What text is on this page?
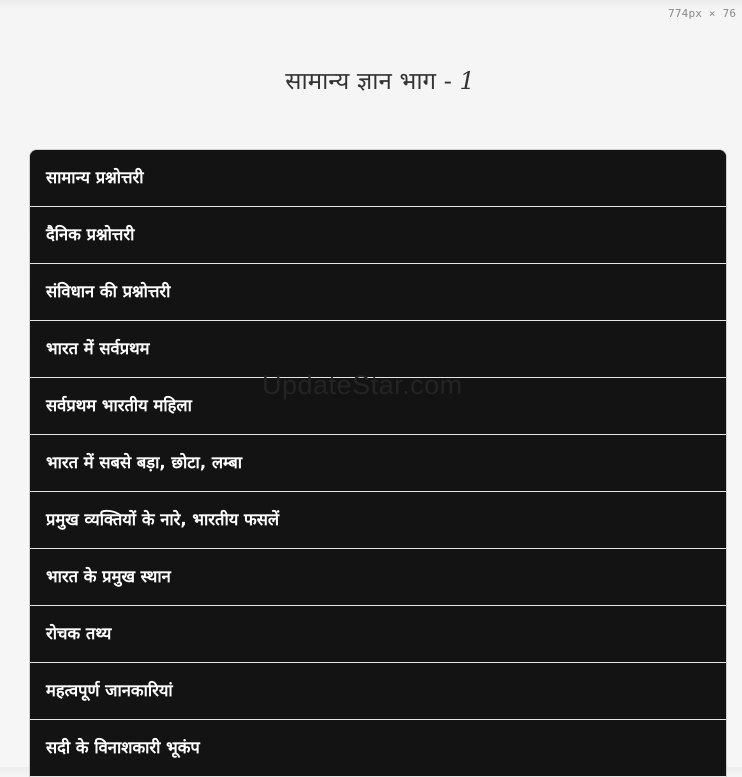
774px × 76
सामान्य ज्ञान भाग - 1
सामान्य प्रश्नोत्तरी
दैनिक प्रश्नोत्तरी
संविधान की प्रश्नोत्तरी
भारत में सर्वप्रथम
सर्वप्रथम भारतीय महिला
भारत में सबसे बड़ा, छोटा, लम्बा
प्रमुख व्यक्तियों के नारे, भारतीय फसलें
भारत के प्रमुख स्थान
रोचक तथ्य
महत्वपूर्ण जानकारियां
सदी के विनाशकारी भूकंप
UpdateStar.com
